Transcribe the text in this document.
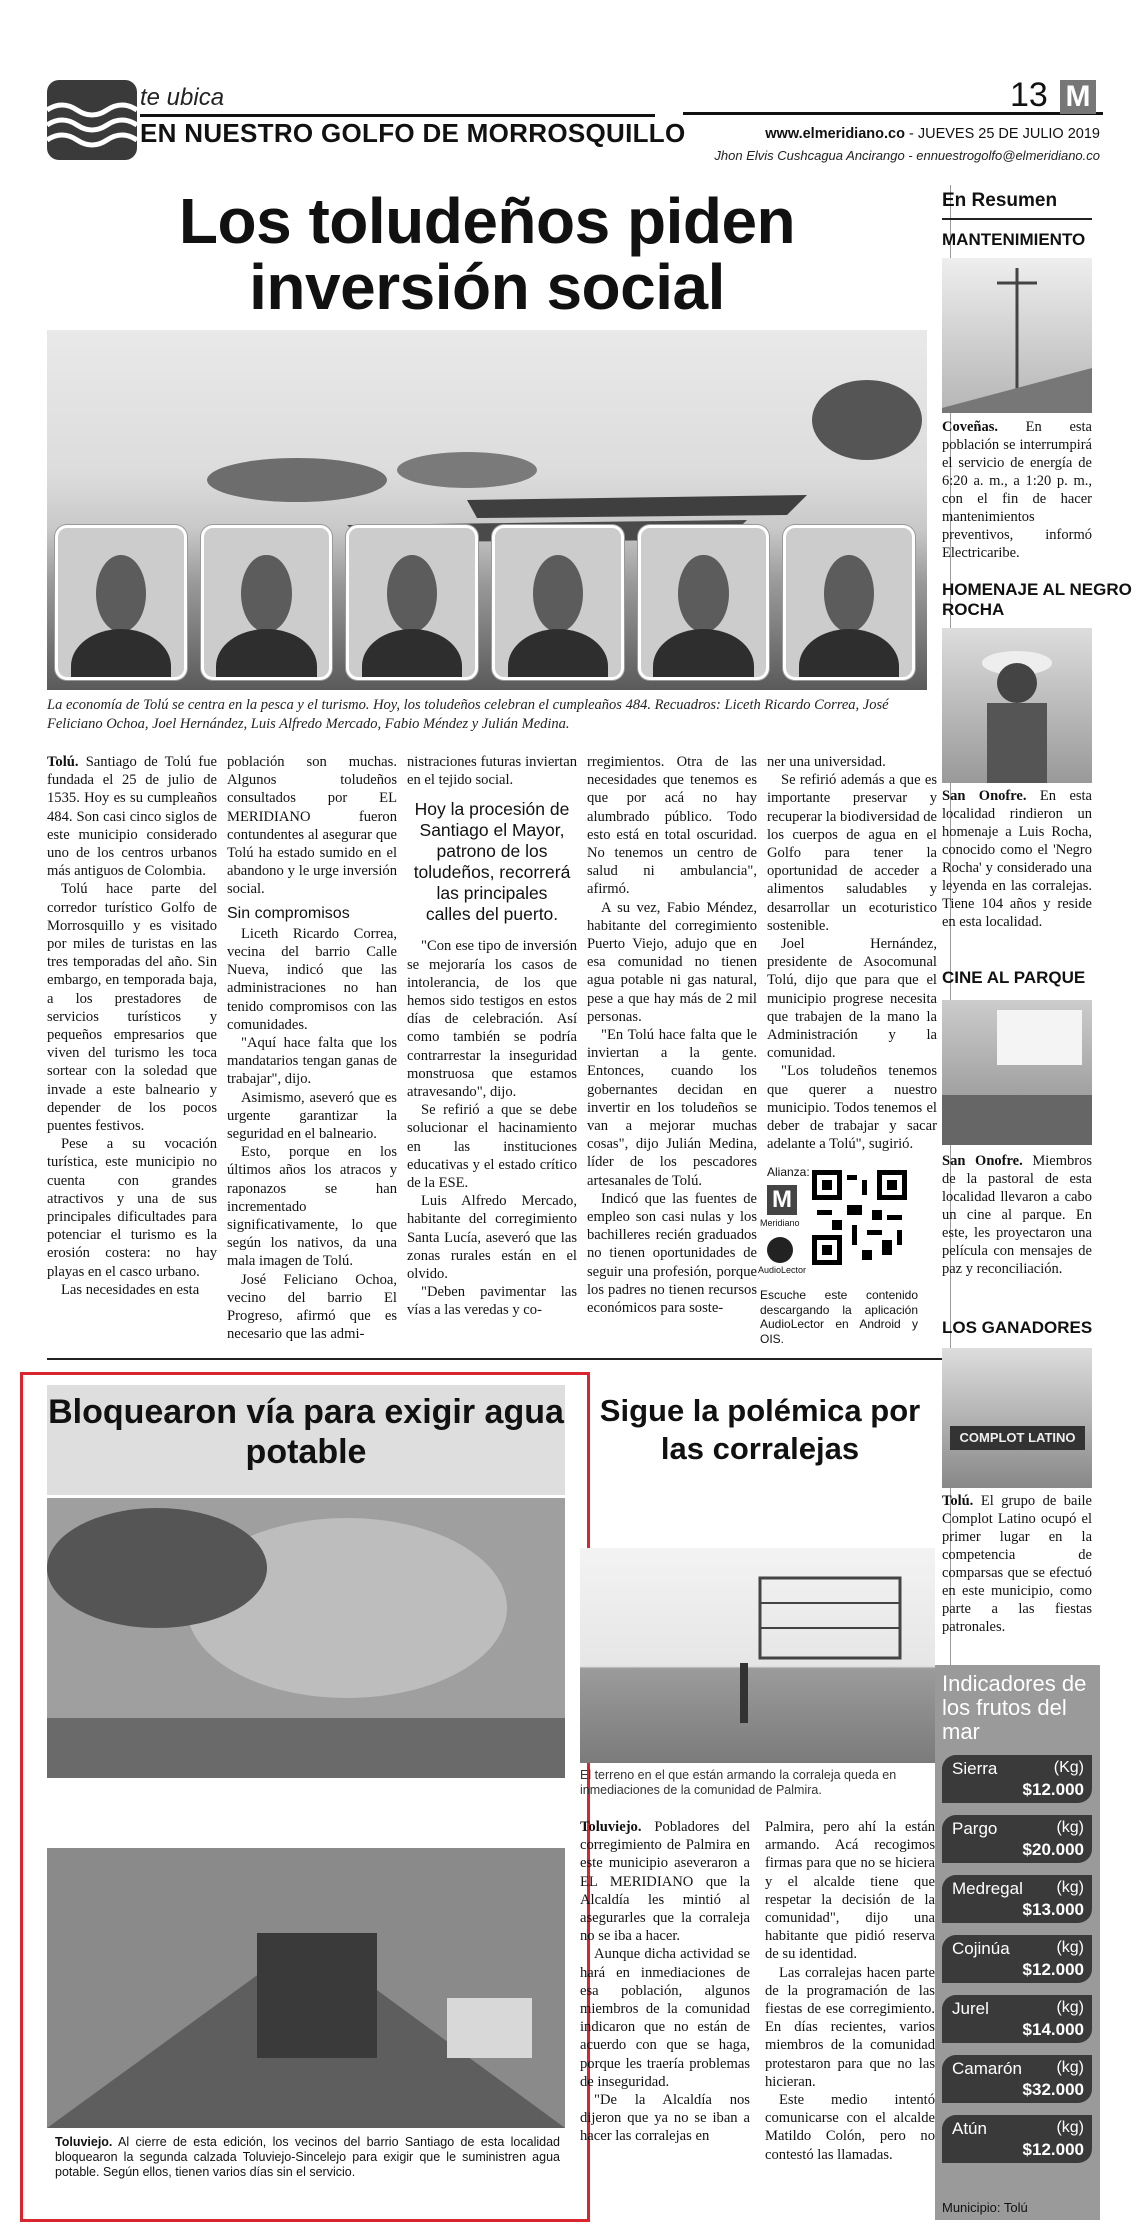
te ubica
EN NUESTRO GOLFO DE MORROSQUILLO
13 M
www.elmeridiano.co - JUEVES 25 DE JULIO 2019
Jhon Elvis Cushcagua Ancirango - ennuestrogolfo@elmeridiano.co
Los toludeños piden inversión social
La economía de Tolú se centra en la pesca y el turismo. Hoy, los toludeños celebran el cumpleaños 484. Recuadros: Liceth Ricardo Correa, José Feliciano Ochoa, Joel Hernández, Luis Alfredo Mercado, Fabio Méndez y Julián Medina.

Tolú. Santiago de Tolú fue fundada el 25 de julio de 1535. Hoy es su cumpleaños 484. Son casi cinco siglos de este municipio considerado uno de los centros urbanos más antiguos de Colombia.

Tolú hace parte del corredor turístico Golfo de Morrosquillo y es visitado por miles de turistas en las tres temporadas del año. Sin embargo, en temporada baja, a los prestadores de servicios turísticos y pequeños empresarios que viven del turismo les toca sortear con la soledad que invade a este balneario y depender de los pocos puentes festivos.

Pese a su vocación turística, este municipio no cuenta con grandes atractivos y una de sus principales dificultades para potenciar el turismo es la erosión costera: no hay playas en el casco urbano.

Las necesidades en esta

población son muchas. Algunos toludeños consultados por EL MERIDIANO fueron contundentes al asegurar que Tolú ha estado sumido en el abandono y le urge inversión social.

Sin compromisos

Liceth Ricardo Correa, vecina del barrio Calle Nueva, indicó que las administraciones no han tenido compromisos con las comunidades.

"Aquí hace falta que los mandatarios tengan ganas de trabajar", dijo.

Asimismo, aseveró que es urgente garantizar la seguridad en el balneario.

Esto, porque en los últimos años los atracos y raponazos se han incrementado significativamente, lo que según los nativos, da una mala imagen de Tolú.

José Feliciano Ochoa, vecino del barrio El Progreso, afirmó que es necesario que las admi-

nistraciones futuras inviertan en el tejido social.

Hoy la procesión de Santiago el Mayor, patrono de los toludeños, recorrerá las principales calles del puerto.

"Con ese tipo de inversión se mejoraría los casos de intolerancia, de los que hemos sido testigos en estos días de celebración. Así como también se podría contrarrestar la inseguridad monstruosa que estamos atravesando", dijo.

Se refirió a que se debe solucionar el hacinamiento en las instituciones educativas y el estado crítico de la ESE.

Luis Alfredo Mercado, habitante del corregimiento Santa Lucía, aseveró que las zonas rurales están en el olvido.

"Deben pavimentar las vías a las veredas y co-

rregimientos. Otra de las necesidades que tenemos es que por acá no hay alumbrado público. Todo esto está en total oscuridad. No tenemos un centro de salud ni ambulancia", afirmó.

A su vez, Fabio Méndez, habitante del corregimiento Puerto Viejo, adujo que en esa comunidad no tienen agua potable ni gas natural, pese a que hay más de 2 mil personas.

"En Tolú hace falta que le inviertan a la gente. Entonces, cuando los gobernantes decidan en invertir en los toludeños se van a mejorar muchas cosas", dijo Julián Medina, líder de los pescadores artesanales de Tolú.

Indicó que las fuentes de empleo son casi nulas y los bachilleres recién graduados no tienen oportunidades de seguir una profesión, porque los padres no tienen recursos económicos para soste-

ner una universidad.

Se refirió además a que es importante preservar y recuperar la biodiversidad de los cuerpos de agua en el Golfo para tener la oportunidad de acceder a alimentos saludables y desarrollar un ecoturistico sostenible.

Joel Hernández, presidente de Asocomunal Tolú, dijo que para que el municipio progrese necesita que trabajen de la mano la Administración y la comunidad.

"Los toludeños tenemos que querer a nuestro municipio. Todos tenemos el deber de trabajar y sacar adelante a Tolú", sugirió.

Alianza:
M
Meridiano
AudioLector
Escuche este contenido descargando la aplicación AudioLector en Android y OIS.
En Resumen
MANTENIMIENTO
Coveñas. En esta población se interrumpirá el servicio de energía de 6:20 a. m., a 1:20 p. m., con el fin de hacer mantenimientos preventivos, informó Electricaribe.
HOMENAJE AL NEGRO ROCHA
San Onofre. En esta localidad rindieron un homenaje a Luis Rocha, conocido como el 'Negro Rocha' y considerado una leyenda en las corralejas. Tiene 104 años y reside en esta localidad.
CINE AL PARQUE
San Onofre. Miembros de la pastoral de esta localidad llevaron a cabo un cine al parque. En este, les proyectaron una película con mensajes de paz y reconciliación.
LOS GANADORES
COMPLOT LATINO
Tolú. El grupo de baile Complot Latino ocupó el primer lugar en la competencia de comparsas que se efectuó en este municipio, como parte a las fiestas patronales.
Indicadores de los frutos del mar
Sierra	(Kg)
$12.000
Pargo	(kg)
$20.000
Medregal (kg)
$13.000
Cojinúa	(kg)
$12.000
Jurel	(kg)
$14.000
Camarón (kg)
$32.000
Atún	(kg)
$12.000
Municipio: Tolú
Bloquearon vía para exigir agua potable
Toluviejo. Al cierre de esta edición, los vecinos del barrio Santiago de esta localidad bloquearon la segunda calzada Toluviejo-Sincelejo para exigir que le suministren agua potable. Según ellos, tienen varios días sin el servicio.
Sigue la polémica por las corralejas
El terreno en el que están armando la corraleja queda en inmediaciones de la comunidad de Palmira.

Toluviejo. Pobladores del corregimiento de Palmira en este municipio aseveraron a EL MERIDIANO que la Alcaldía les mintió al asegurarles que la corraleja no se iba a hacer.

Aunque dicha actividad se hará en inmediaciones de esa población, algunos miembros de la comunidad indicaron que no están de acuerdo con que se haga, porque les traería problemas de inseguridad.

"De la Alcaldía nos dijeron que ya no se iban a hacer las corralejas en

Palmira, pero ahí la están armando. Acá recogimos firmas para que no se hiciera y el alcalde tiene que respetar la decisión de la comunidad", dijo una habitante que pidió reserva de su identidad.

Las corralejas hacen parte de la programación de las fiestas de ese corregimiento. En días recientes, varios miembros de la comunidad protestaron para que no las hicieran.

Este medio intentó comunicarse con el alcalde Matildo Colón, pero no contestó las llamadas.
